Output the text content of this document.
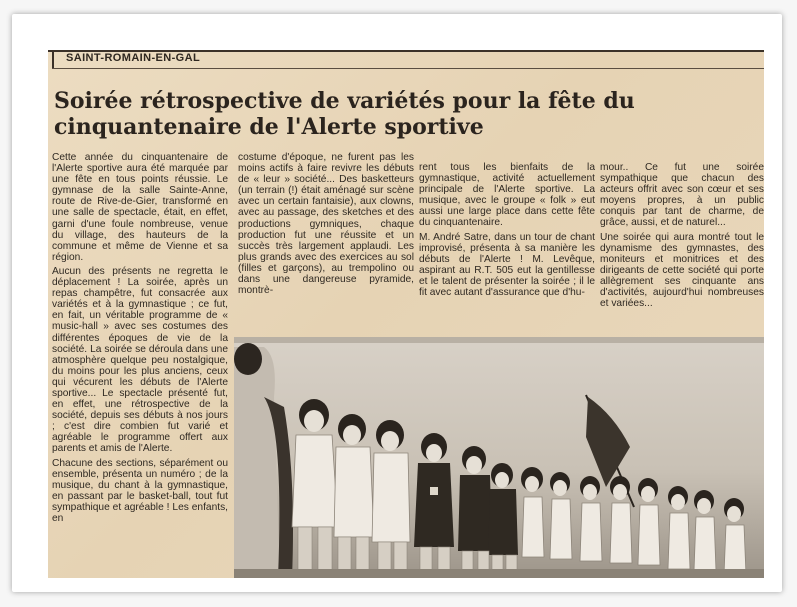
SAINT-ROMAIN-EN-GAL
Soirée rétrospective de variétés pour la fête du cinquantenaire de l'Alerte sportive

Cette année du cinquantenaire de l'Alerte sportive aura été marquée par une fête en tous points réussie. Le gymnase de la salle Sainte-Anne, route de Rive-de-Gier, transformé en une salle de spectacle, était, en effet, garni d'une foule nombreuse, venue du village, des hauteurs de la commune et même de Vienne et sa région.

Aucun des présents ne regretta le déplacement ! La soirée, après un repas champêtre, fut consacrée aux variétés et à la gymnastique ; ce fut, en fait, un véritable programme de « music-hall » avec ses costumes des différentes époques de vie de la société. La soirée se déroula dans une atmosphère quelque peu nostalgique, du moins pour les plus anciens, ceux qui vécurent les débuts de l'Alerte sportive... Le spectacle présenté fut, en effet, une rétrospective de la société, depuis ses débuts à nos jours ; c'est dire combien fut varié et agréable le programme offert aux parents et amis de l'Alerte.

Chacune des sections, séparément ou ensemble, présenta un numéro ; de la musique, du chant à la gymnastique, en passant par le basket-ball, tout fut sympathique et agréable ! Les enfants, en

costume d'époque, ne furent pas les moins actifs à faire revivre les débuts de « leur » société... Des basketteurs (un terrain (!) était aménagé sur scène avec un certain fantaisie), aux clowns, avec au passage, des sketches et des productions gymniques, chaque production fut une réussite et un succès très largement applaudi. Les plus grands avec des exercices au sol (filles et garçons), au trempolino ou dans une dangereuse pyramide, montrè-

rent tous les bienfaits de la gymnastique, activité actuellement principale de l'Alerte sportive. La musique, avec le groupe « folk » eut aussi une large place dans cette fête du cinquantenaire.

M. André Satre, dans un tour de chant improvisé, présenta à sa manière les débuts de l'Alerte ! M. Levêque, aspirant au R.T. 505 eut la gentillesse et le talent de présenter la soirée ; il le fit avec autant d'assurance que d'hu-

mour.. Ce fut une soirée sympathique que chacun des acteurs offrit avec son cœur et ses moyens propres, à un public conquis par tant de charme, de grâce, aussi, et de naturel...

Une soirée qui aura montré tout le dynamisme des gymnastes, des moniteurs et monitrices et des dirigeants de cette société qui porte allègrement ses cinquante ans d'activités, aujourd'hui nombreuses et variées...
